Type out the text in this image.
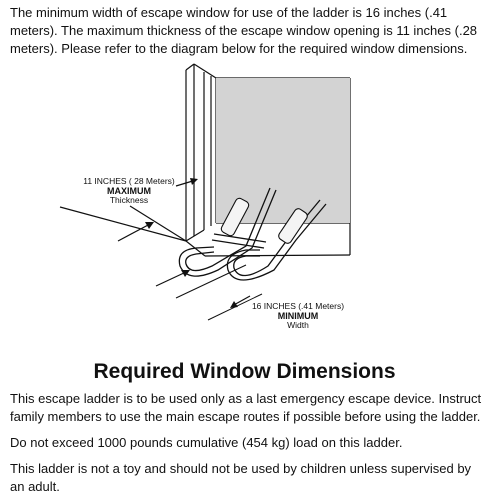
The minimum width of escape window for use of the ladder is 16 inches (.41 meters). The maximum thickness of the escape window opening is 11 inches (.28 meters). Please refer to the diagram below for the required window dimensions.

11 INCHES ( 28 Meters)
MAXIMUM
Thickness
16 INCHES (.41 Meters)
MINIMUM
Width
Required Window Dimensions

This escape ladder is to be used only as a last emergency escape device. Instruct family members to use the main escape routes if possible before using the ladder.

Do not exceed 1000 pounds cumulative (454 kg) load on this ladder.

This ladder is not a toy and should not be used by children unless supervised by an adult.
